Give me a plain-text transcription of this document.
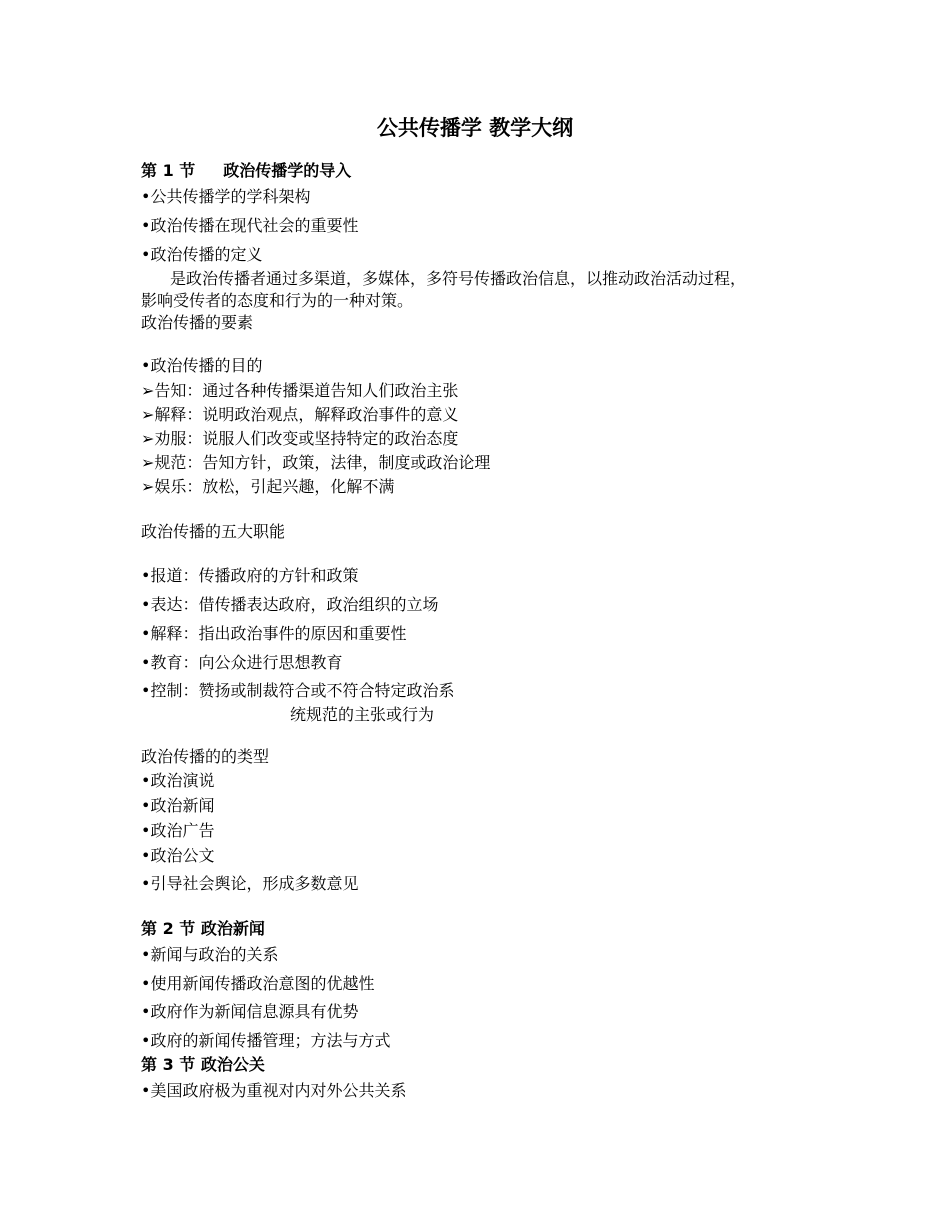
公共传播学 教学大纲
第 1 节 政治传播学的导入
•公共传播学的学科架构
•政治传播在现代社会的重要性
•政治传播的定义
是政治传播者通过多渠道，多媒体，多符号传播政治信息，以推动政治活动过程，
影响受传者的态度和行为的一种对策。
政治传播的要素
•政治传播的目的
➢告知：通过各种传播渠道告知人们政治主张
➢解释：说明政治观点，解释政治事件的意义
➢劝服：说服人们改变或坚持特定的政治态度
➢规范：告知方针，政策，法律，制度或政治论理
➢娱乐：放松，引起兴趣，化解不满
政治传播的五大职能
•报道：传播政府的方针和政策
•表达：借传播表达政府，政治组织的立场
•解释：指出政治事件的原因和重要性
•教育：向公众进行思想教育
•控制：赞扬或制裁符合或不符合特定政治系
统规范的主张或行为
政治传播的的类型
•政治演说
•政治新闻
•政治广告
•政治公文
•引导社会舆论，形成多数意见
第 2 节 政治新闻
•新闻与政治的关系
•使用新闻传播政治意图的优越性
•政府作为新闻信息源具有优势
•政府的新闻传播管理；方法与方式
第 3 节 政治公关
•美国政府极为重视对内对外公共关系
